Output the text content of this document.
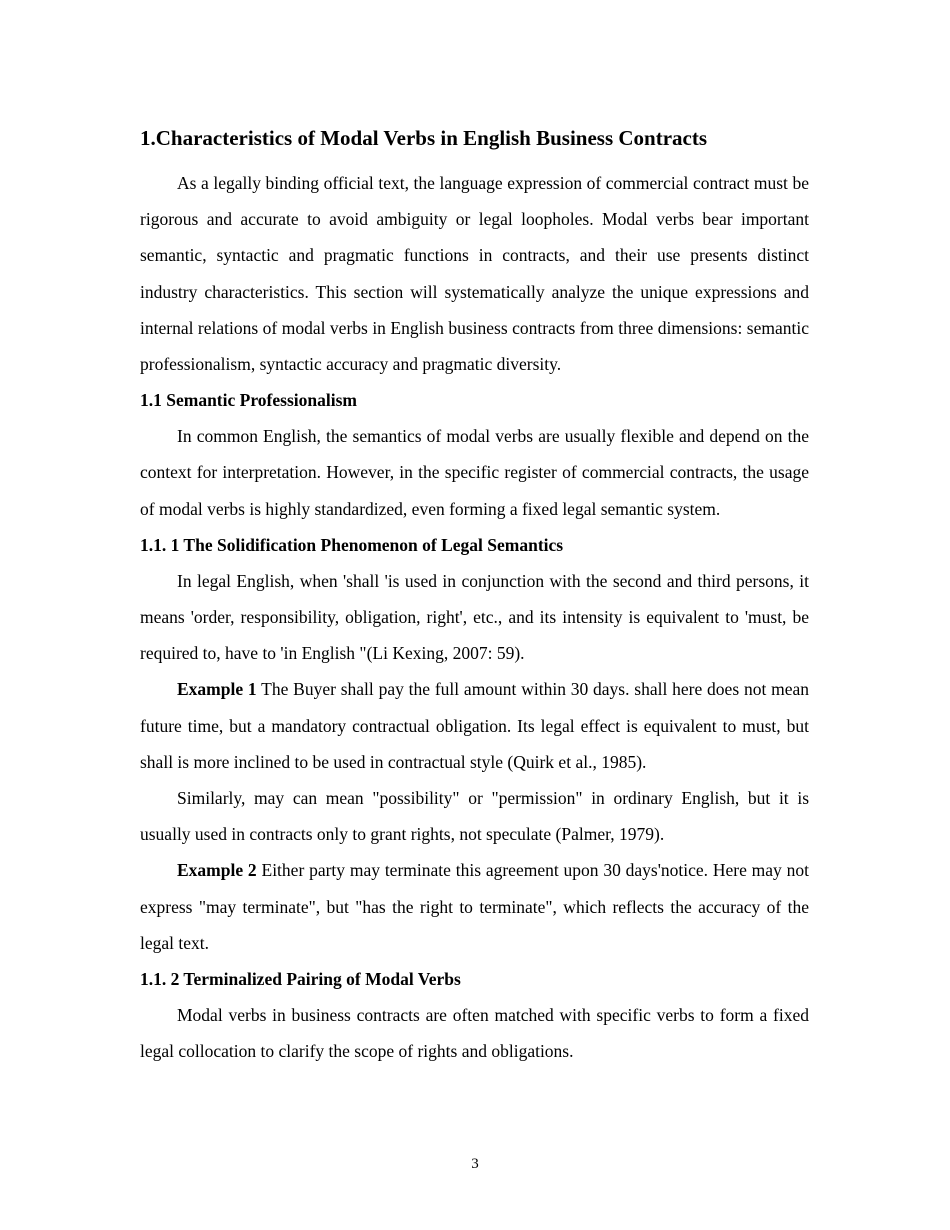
1.Characteristics of Modal Verbs in English Business Contracts

As a legally binding official text, the language expression of commercial contract must be rigorous and accurate to avoid ambiguity or legal loopholes. Modal verbs bear important semantic, syntactic and pragmatic functions in contracts, and their use presents distinct industry characteristics. This section will systematically analyze the unique expressions and internal relations of modal verbs in English business contracts from three dimensions: semantic professionalism, syntactic accuracy and pragmatic diversity.

1.1 Semantic Professionalism

In common English, the semantics of modal verbs are usually flexible and depend on the context for interpretation. However, in the specific register of commercial contracts, the usage of modal verbs is highly standardized, even forming a fixed legal semantic system.

1.1. 1 The Solidification Phenomenon of Legal Semantics

In legal English, when 'shall 'is used in conjunction with the second and third persons, it means 'order, responsibility, obligation, right', etc., and its intensity is equivalent to 'must, be required to, have to 'in English "(Li Kexing, 2007: 59).

Example 1 The Buyer shall pay the full amount within 30 days. shall here does not mean future time, but a mandatory contractual obligation. Its legal effect is equivalent to must, but shall is more inclined to be used in contractual style (Quirk et al., 1985).

Similarly, may can mean "possibility" or "permission" in ordinary English, but it is usually used in contracts only to grant rights, not speculate (Palmer, 1979).

Example 2 Either party may terminate this agreement upon 30 days'notice. Here may not express "may terminate", but "has the right to terminate", which reflects the accuracy of the legal text.

1.1. 2 Terminalized Pairing of Modal Verbs

Modal verbs in business contracts are often matched with specific verbs to form a fixed legal collocation to clarify the scope of rights and obligations.

3
